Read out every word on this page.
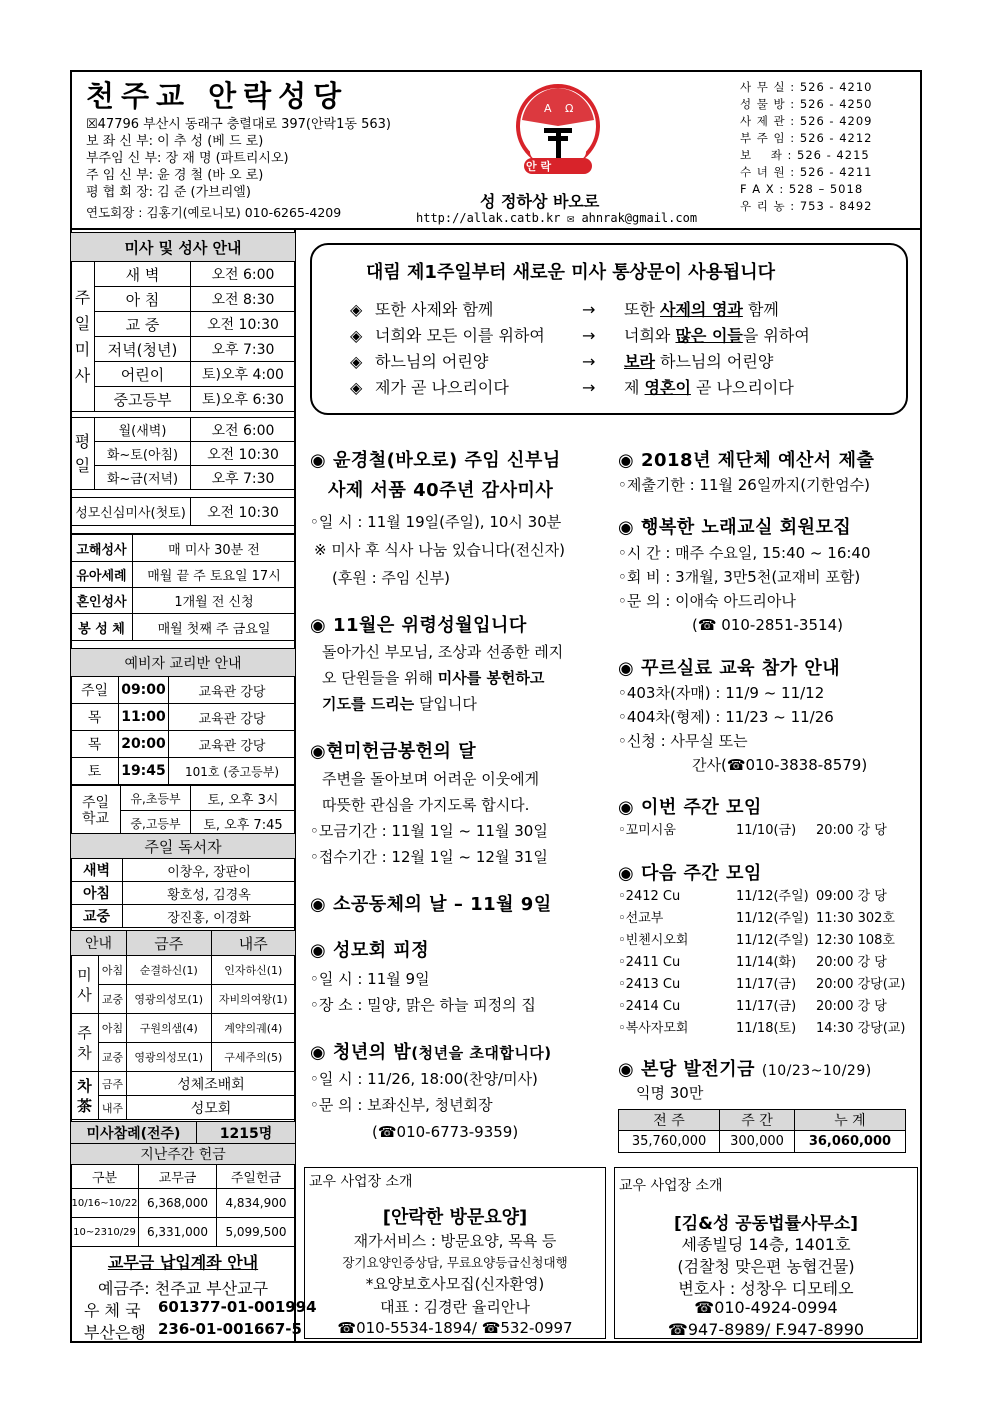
천주교 안락성당
☒47796 부산시 동래구 충렬대로 397(안락1동 563)
보 좌 신 부: 이 추 성 (베 드 로)
부주임 신 부: 장 재 명 (파트리시오)
주 임 신 부: 윤 경 철 (바 오 로)
평 협 회 장: 김 준 (가브리엘)
연도회장 : 김홍기(예로니모) 010-6265-4209
A Ω
안 락
성 정하상 바오로
http://allak.catb.kr ✉ ahnrak@gmail.com
사 무 실 : 526 - 4210
성 물 방 : 526 - 4250
사 제 관 : 526 - 4209
부 주 임 : 526 - 4212
보    좌 : 526 - 4215
수 녀 원 : 526 - 4211
F A X : 528 – 5018
우 리 농 : 753 - 8492
미사 및 성사 안내		
주일미사	새 벽	오전 6:00
	아 침	오전 8:30
	교 중	오전 10:30
	저녁(청년)	오후 7:30
	어린이	토)오후 4:00
	중고등부	토)오후 6:30

평일	월(새벽)	오전 6:00
	화~토(아침)	오전 10:30
	화~금(저녁)	오후 7:30

성모신심미사(첫토)		오전 10:30

고해성사	매 미사 30분 전
유아세례	매월 끝 주 토요일 17시
혼인성사	1개월 전 신청
봉 성 체	매월 첫째 주 금요일
예비자 교리반 안내		
주일	09:00	교육관 강당
목	11:00	교육관 강당
목	20:00	교육관 강당
토	19:45	101호 (중고등부)
주일학교	유,초등부	토, 오후 3시
	중,고등부	토, 오후 7:45
주일 독서자	
새벽	이창우, 장판이
아침	황호성, 김경옥
교중	장진홍, 이경화
안내		금주	내주
미사	아침	순결하신(1)	인자하신(1)
	교중	영광의성모(1)	자비의여왕(1)
주차	아침	구원의샘(4)	계약의궤(4)
	교중	영광의성모(1)	구세주의(5)
차茶	금주	성체조배회	
	내주	성모회	
미사참례(전주)	1215명
지난주간 헌금		
구분	교무금	주일헌금
10/16~10/22	6,368,000	4,834,900
10~2310/29	6,331,000	5,099,500
교무금 납입계좌 안내
예금주: 천주교 부산교구
우 체 국 601377-01-001994
부산은행 236-01-001667-5
대림 제1주일부터 새로운 미사 통상문이 사용됩니다
◈ 또한 사제와 함께	→ 또한 사제의 영과 함께
◈ 너희와 모든 이를 위하여 → 너희와 많은 이들을 위하여
◈ 하느님의 어린양	→ 보라 하느님의 어린양
◈ 제가 곧 나으리이다	→ 제 영혼이 곧 나으리이다
◉ 윤경철(바오로) 주임 신부님
사제 서품 40주년 감사미사
◦일 시 : 11월 19일(주일), 10시 30분
※ 미사 후 식사 나눔 있습니다(전신자)
(후원 : 주임 신부)
◉ 11월은 위령성월입니다
돌아가신 부모님, 조상과 선종한 레지
오 단원들을 위해 미사를 봉헌하고
기도를 드리는 달입니다
◉현미헌금봉헌의 달
주변을 돌아보며 어려운 이웃에게
따뜻한 관심을 가지도록 합시다.
◦모금기간 : 11월 1일 ~ 11월 30일
◦접수기간 : 12월 1일 ~ 12월 31일
◉ 소공동체의 날 – 11월 9일
◉ 성모회 피정
◦일 시 : 11월 9일
◦장 소 : 밀양, 맑은 하늘 피정의 집
◉ 청년의 밤(청년을 초대합니다)
◦일 시 : 11/26, 18:00(찬양/미사)
◦문 의 : 보좌신부, 청년회장
(☎010-6773-9359)
◉ 2018년 제단체 예산서 제출
◦제출기한 : 11월 26일까지(기한엄수)
◉ 행복한 노래교실 회원모집
◦시 간 : 매주 수요일, 15:40 ~ 16:40
◦회 비 : 3개월, 3만5천(교재비 포함)
◦문 의 : 이애숙 아드리아나
(☎ 010-2851-3514)
◉ 꾸르실료 교육 참가 안내
◦403차(자매) : 11/9 ~ 11/12
◦404차(형제) : 11/23 ~ 11/26
◦신청 : 사무실 또는
간사(☎010-3838-8579)
◉ 이번 주간 모임
◦꼬미시움	11/10(금) 20:00 강 당
◉ 다음 주간 모임
◦2412 Cu	11/12(주일) 09:00 강 당
◦선교부	11/12(주일) 11:30 302호
◦빈첸시오회	11/12(주일) 12:30 108호
◦2411 Cu	11/14(화) 20:00 강 당
◦2413 Cu	11/17(금) 20:00 강당(교)
◦2414 Cu	11/17(금) 20:00 강 당
◦복사자모회	11/18(토) 14:30 강당(교)
◉ 본당 발전기금 (10/23~10/29)
익명 30만
전 주	주 간	누 계
35,760,000	300,000	36,060,000
교우 사업장 소개
[안락한 방문요양]
재가서비스 : 방문요양, 목욕 등
장기요양인증상담, 무료요양등급신청대행
*요양보호사모집(신자환영)
대표 : 김경란 율리안나
☎010-5534-1894/ ☎532-0997
교우 사업장 소개
[김&성 공동법률사무소]
세종빌딩 14층, 1401호
(검찰청 맞은편 농협건물)
변호사 : 성창우 디모테오
☎010-4924-0994
☎947-8989/ F.947-8990
